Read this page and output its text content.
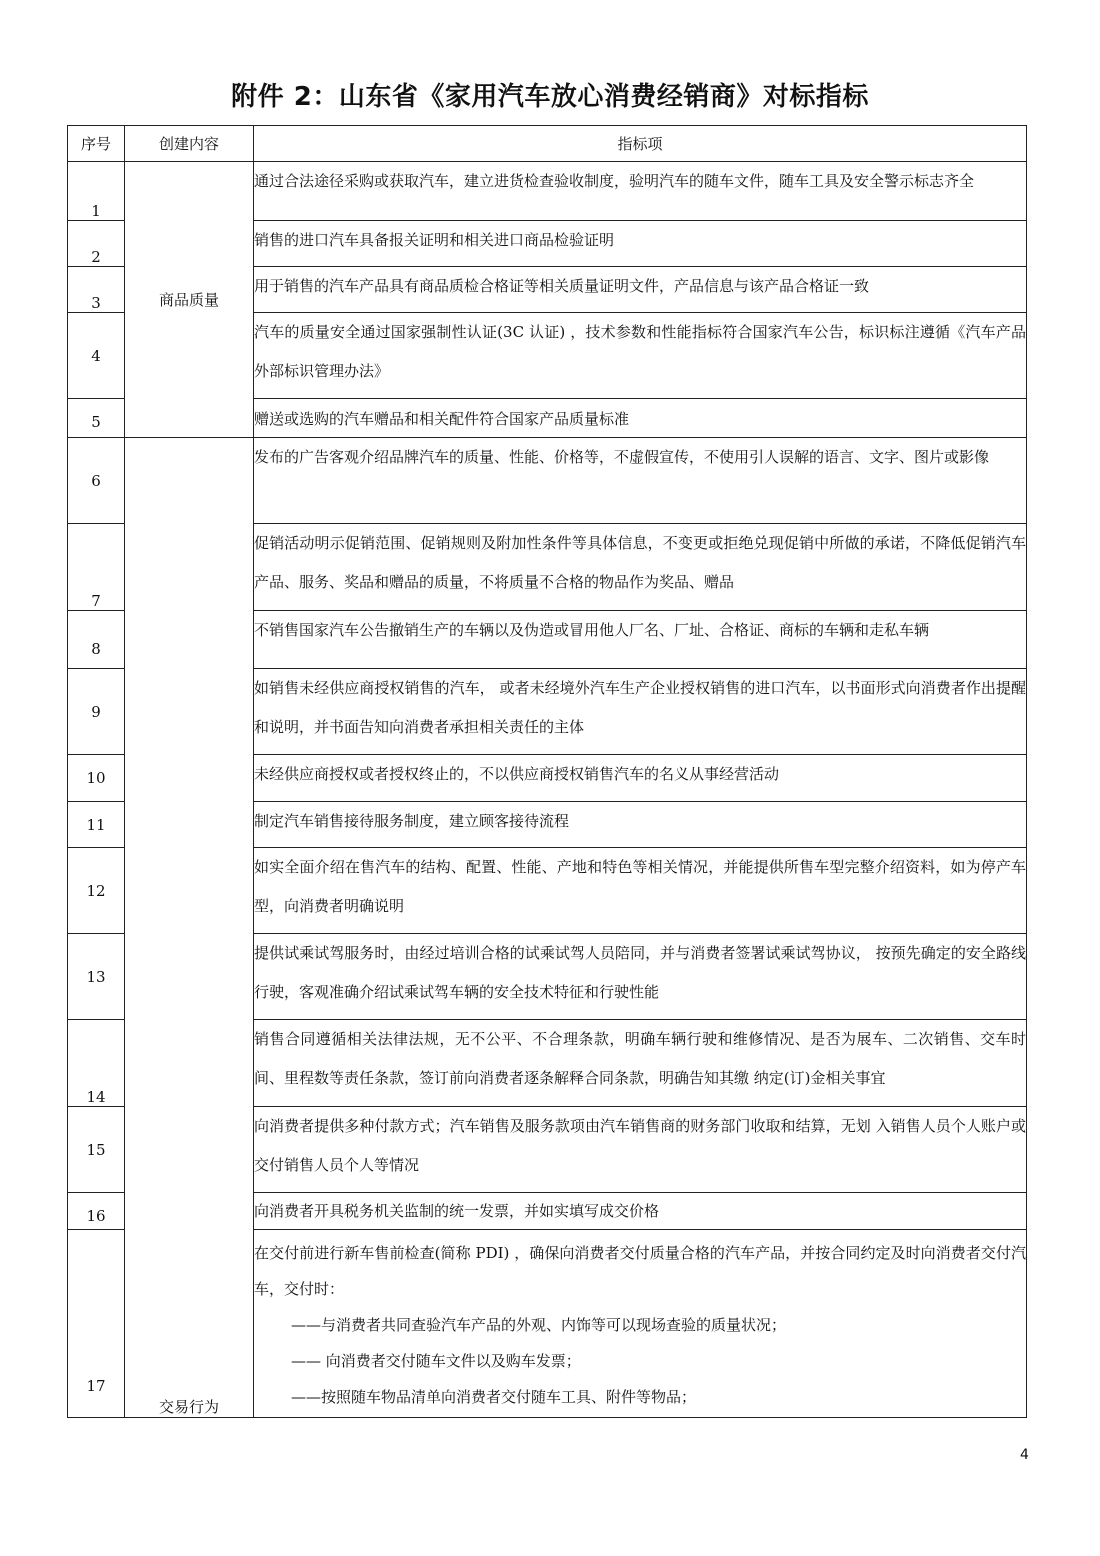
附件 2：山东省《家用汽车放心消费经销商》对标指标
序号	创建内容	指标项
1	商品质量	通过合法途径采购或获取汽车，建立进货检查验收制度，验明汽车的随车文件，随车工具及安全警示标志齐全

2		销售的进口汽车具备报关证明和相关进口商品检验证明

3		用于销售的汽车产品具有商品质检合格证等相关质量证明文件，产品信息与该产品合格证一致

4		汽车的质量安全通过国家强制性认证(3C 认证) ，技术参数和性能指标符合国家汽车公告，标识标注遵循《汽车产品外部标识管理办法》

5		赠送或选购的汽车赠品和相关配件符合国家产品质量标准

6	交易行为	发布的广告客观介绍品牌汽车的质量、性能、价格等，不虚假宣传，不使用引人误解的语言、文字、图片或影像

7		促销活动明示促销范围、促销规则及附加性条件等具体信息，不变更或拒绝兑现促销中所做的承诺，不降低促销汽车产品、服务、奖品和赠品的质量，不将质量不合格的物品作为奖品、赠品

8		不销售国家汽车公告撤销生产的车辆以及伪造或冒用他人厂名、厂址、合格证、商标的车辆和走私车辆

9		如销售未经供应商授权销售的汽车， 或者未经境外汽车生产企业授权销售的进口汽车，以书面形式向消费者作出提醒和说明，并书面告知向消费者承担相关责任的主体

10		未经供应商授权或者授权终止的，不以供应商授权销售汽车的名义从事经营活动

11		制定汽车销售接待服务制度，建立顾客接待流程

12		如实全面介绍在售汽车的结构、配置、性能、产地和特色等相关情况，并能提供所售车型完整介绍资料，如为停产车型，向消费者明确说明

13		提供试乘试驾服务时，由经过培训合格的试乘试驾人员陪同，并与消费者签署试乘试驾协议， 按预先确定的安全路线行驶，客观准确介绍试乘试驾车辆的安全技术特征和行驶性能

14		销售合同遵循相关法律法规，无不公平、不合理条款，明确车辆行驶和维修情况、是否为展车、二次销售、交车时间、里程数等责任条款，签订前向消费者逐条解释合同条款，明确告知其缴 纳定(订)金相关事宜

15		向消费者提供多种付款方式；汽车销售及服务款项由汽车销售商的财务部门收取和结算，无划 入销售人员个人账户或交付销售人员个人等情况

16		向消费者开具税务机关监制的统一发票，并如实填写成交价格

17		在交付前进行新车售前检查(简称 PDI) ，确保向消费者交付质量合格的汽车产品，并按合同约定及时向消费者交付汽车，交付时：
——与消费者共同查验汽车产品的外观、内饰等可以现场查验的质量状况；
—— 向消费者交付随车文件以及购车发票；
——按照随车物品清单向消费者交付随车工具、附件等物品；
4
